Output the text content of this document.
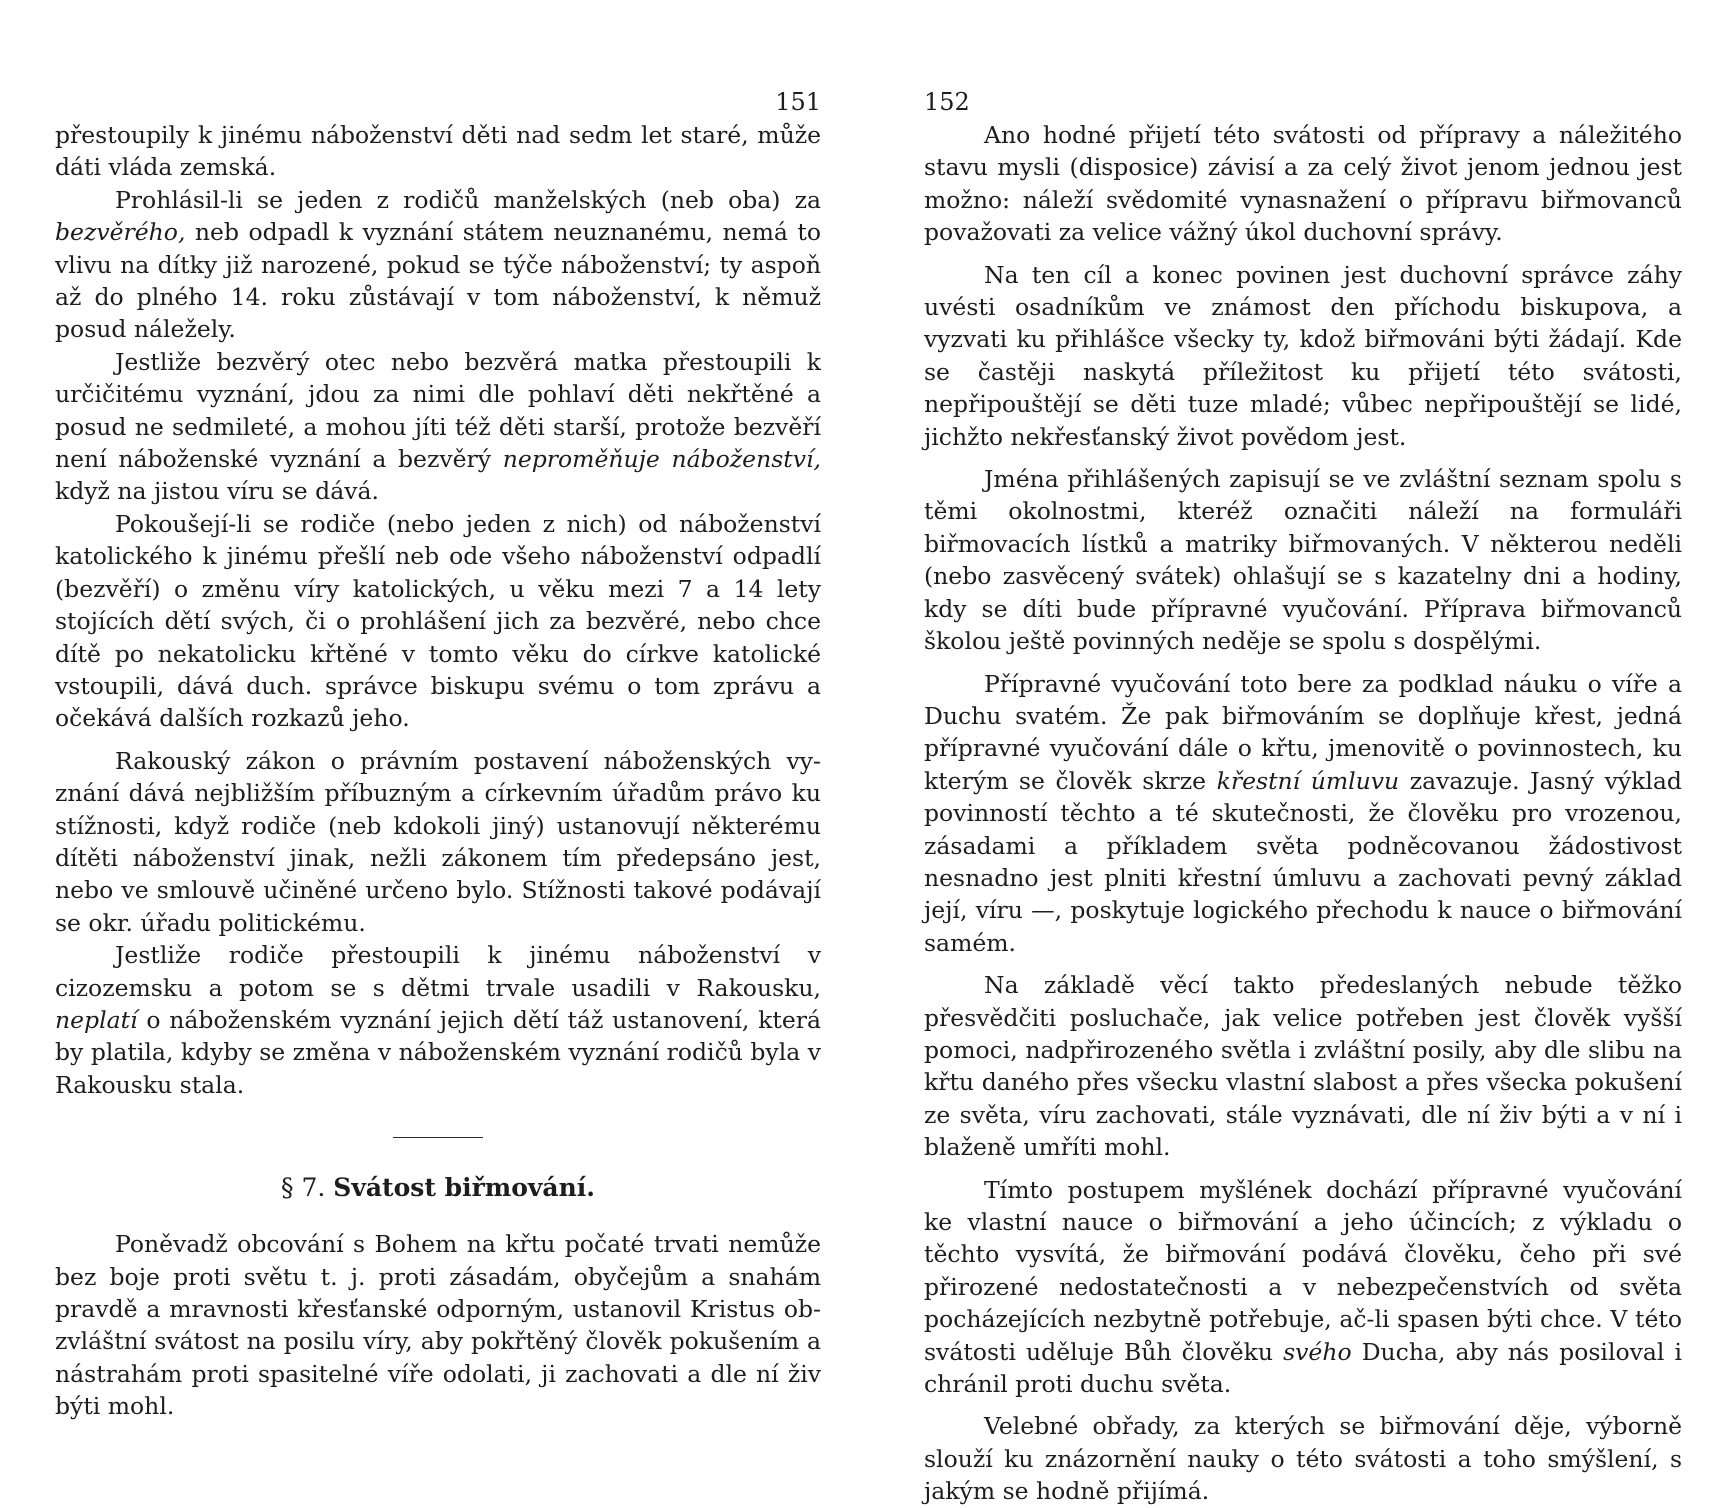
151

přestoupily k jinému náboženství děti nad sedm let staré, může dáti vláda zemská.

Prohlásil-li se jeden z rodičů manželských (neb oba) za bezvěrého, neb odpadl k vyznání státem neuznanému, nemá to vlivu na dítky již narozené, pokud se týče náboženství; ty aspoň až do plného 14. roku zůstávají v tom náboženství, k němuž posud náležely.

Jestliže bezvěrý otec nebo bezvěrá matka přestoupili k určičitému vyznání, jdou za nimi dle pohlaví děti nekřtěné a posud ne sedmileté, a mohou jíti též děti starší, protože bezvěří není náboženské vyznání a bezvěrý neproměňuje náboženství, když na jistou víru se dává.

Pokoušejí-li se rodiče (nebo jeden z nich) od náboženství katolického k jinému přešlí neb ode všeho náboženství odpadlí (bezvěří) o změnu víry katolických, u věku mezi 7 a 14 lety stojících dětí svých, či o prohlášení jich za bezvěré, nebo chce dítě po nekatolicku křtěné v tomto věku do církve katolické vstoupili, dává duch. správce biskupu svému o tom zprávu a očekává dalších rozkazů jeho.

Rakouský zákon o právním postavení náboženských vyznání dává nejbližším příbuzným a církevním úřadům právo ku stížnosti, když rodiče (neb kdokoli jiný) ustanovují některému dítěti náboženství jinak, nežli zákonem tím předepsáno jest, nebo ve smlouvě učiněné určeno bylo. Stížnosti takové podávají se okr. úřadu politickému.

Jestliže rodiče přestoupili k jinému náboženství v cizozemsku a potom se s dětmi trvale usadili v Rakousku, neplatí o náboženském vyznání jejich dětí táž ustanovení, která by platila, kdyby se změna v náboženském vyznání rodičů byla v Rakousku stala.

§ 7. Svátost biřmování.

Poněvadž obcování s Bohem na křtu počaté trvati nemůže bez boje proti světu t. j. proti zásadám, obyčejům a snahám pravdě a mravnosti křesťanské odporným, ustanovil Kristus obzvláštní svátost na posilu víry, aby pokřtěný člověk pokušením a nástrahám proti spasitelné víře odolati, ji zachovati a dle ní živ býti mohl.

152

Ano hodné přijetí této svátosti od přípravy a náležitého stavu mysli (disposice) závisí a za celý život jenom jednou jest možno: náleží svědomité vynasnažení o přípravu biřmovanců považovati za velice vážný úkol duchovní správy.

Na ten cíl a konec povinen jest duchovní správce záhy uvésti osadníkům ve známost den příchodu biskupova, a vyzvati ku přihlášce všecky ty, kdož biřmováni býti žádají. Kde se častěji naskytá příležitost ku přijetí této svátosti, nepřipouštějí se děti tuze mladé; vůbec nepřipouštějí se lidé, jichžto nekřesťanský život povědom jest.

Jména přihlášených zapisují se ve zvláštní seznam spolu s těmi okolnostmi, kteréž označiti náleží na formuláři biřmovacích lístků a matriky biřmovaných. V některou neděli (nebo zasvěcený svátek) ohlašují se s kazatelny dni a hodiny, kdy se díti bude přípravné vyučování. Příprava biřmovanců školou ještě povinných neděje se spolu s dospělými.

Přípravné vyučování toto bere za podklad náuku o víře a Duchu svatém. Že pak biřmováním se doplňuje křest, jedná přípravné vyučování dále o křtu, jmenovitě o povinnostech, ku kterým se člověk skrze křestní úmluvu zavazuje. Jasný výklad povinností těchto a té skutečnosti, že člověku pro vrozenou, zásadami a příkladem světa podněcovanou žádostivost nesnadno jest plniti křestní úmluvu a zachovati pevný základ její, víru —, poskytuje logického přechodu k nauce o biřmování samém.

Na základě věcí takto předeslaných nebude těžko přesvědčiti posluchače, jak velice potřeben jest člověk vyšší pomoci, nadpřirozeného světla i zvláštní posily, aby dle slibu na křtu daného přes všecku vlastní slabost a přes všecka pokušení ze světa, víru zachovati, stále vyznávati, dle ní živ býti a v ní i blaženě umříti mohl.

Tímto postupem myšlének dochází přípravné vyučování ke vlastní nauce o biřmování a jeho účincích; z výkladu o těchto vysvítá, že biřmování podává člověku, čeho při své přirozené nedostatečnosti a v nebezpečenstvích od světa pocházejících nezbytně potřebuje, ač-li spasen býti chce. V této svátosti uděluje Bůh člověku svého Ducha, aby nás posiloval i chránil proti duchu světa.

Velebné obřady, za kterých se biřmování děje, výborně slouží ku znázornění nauky o této svátosti a toho smýšlení, s jakým se hodně přijímá.
